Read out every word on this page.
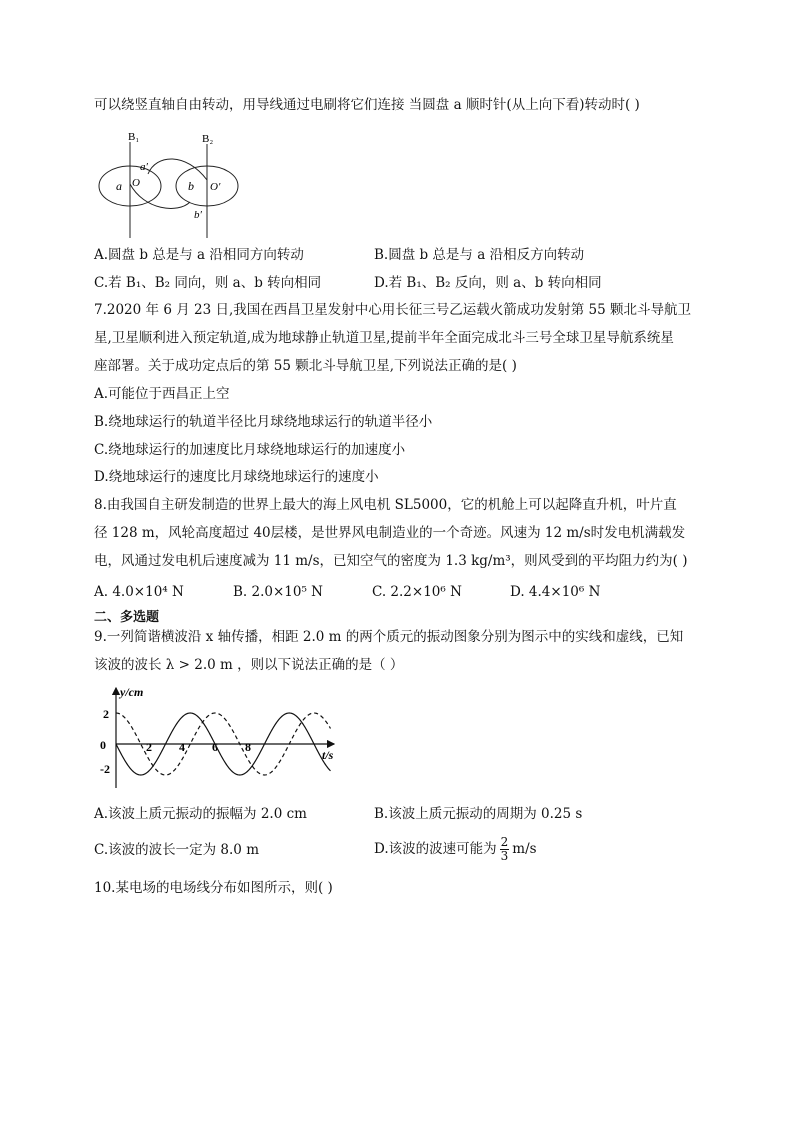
可以绕竖直轴自由转动，用导线通过电刷将它们连接 当圆盘 a 顺时针(从上向下看)转动时( )
B₁	B₂
a O
a′
b O′
b′
A.圆盘 b 总是与 a 沿相同方向转动	B.圆盘 b 总是与 a 沿相反方向转动
C.若 B₁、B₂ 同向，则 a、b 转向相同	D.若 B₁、B₂ 反向，则 a、b 转向相同
7.2020 年 6 月 23 日,我国在西昌卫星发射中心用长征三号乙运载火箭成功发射第 55 颗北斗导航卫
星,卫星顺利进入预定轨道,成为地球静止轨道卫星,提前半年全面完成北斗三号全球卫星导航系统星
座部署。关于成功定点后的第 55 颗北斗导航卫星,下列说法正确的是( )
A.可能位于西昌正上空
B.绕地球运行的轨道半径比月球绕地球运行的轨道半径小
C.绕地球运行的加速度比月球绕地球运行的加速度小
D.绕地球运行的速度比月球绕地球运行的速度小
8.由我国自主研发制造的世界上最大的海上风电机 SL5000，它的机舱上可以起降直升机，叶片直
径 128 m，风轮高度超过 40层楼，是世界风电制造业的一个奇迹。风速为 12 m/s时发电机满载发
电，风通过发电机后速度减为 11 m/s，已知空气的密度为 1.3 kg/m³，则风受到的平均阻力约为( )
A. 4.0×10⁴ N	B. 2.0×10⁵ N	C. 2.2×10⁶ N	D. 4.4×10⁶ N
二、多选题
9.一列简谐横波沿 x 轴传播，相距 2.0 m 的两个质元的振动图象分别为图示中的实线和虚线，已知
该波的波长 λ > 2.0 m ，则以下说法正确的是（ ）
y/cm
t/s
2
0
-2
2 4 6 8
A.该波上质元振动的振幅为 2.0 cm	B.该波上质元振动的周期为 0.25 s
C.该波的波长一定为 8.0 m	D.该波的波速可能为 $\frac{2}{3} m/s$
10.某电场的电场线分布如图所示，则( )
